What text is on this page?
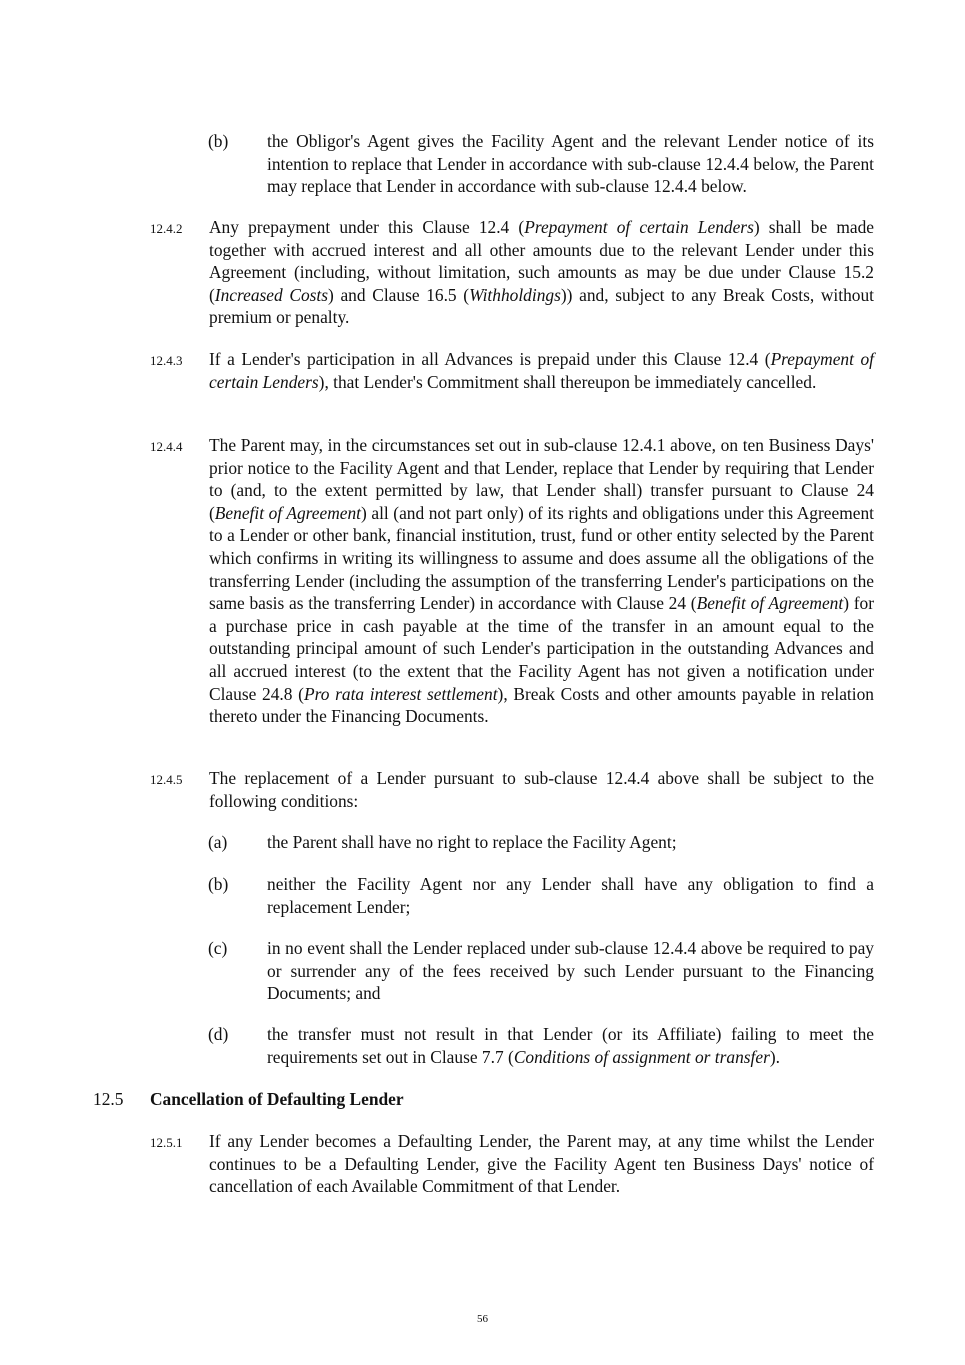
(b) the Obligor's Agent gives the Facility Agent and the relevant Lender notice of its intention to replace that Lender in accordance with sub-clause 12.4.4 below, the Parent may replace that Lender in accordance with sub-clause 12.4.4 below.
12.4.2 Any prepayment under this Clause 12.4 (Prepayment of certain Lenders) shall be made together with accrued interest and all other amounts due to the relevant Lender under this Agreement (including, without limitation, such amounts as may be due under Clause 15.2 (Increased Costs) and Clause 16.5 (Withholdings)) and, subject to any Break Costs, without premium or penalty.
12.4.3 If a Lender's participation in all Advances is prepaid under this Clause 12.4 (Prepayment of certain Lenders), that Lender's Commitment shall thereupon be immediately cancelled.
12.4.4 The Parent may, in the circumstances set out in sub-clause 12.4.1 above, on ten Business Days' prior notice to the Facility Agent and that Lender, replace that Lender by requiring that Lender to (and, to the extent permitted by law, that Lender shall) transfer pursuant to Clause 24 (Benefit of Agreement) all (and not part only) of its rights and obligations under this Agreement to a Lender or other bank, financial institution, trust, fund or other entity selected by the Parent which confirms in writing its willingness to assume and does assume all the obligations of the transferring Lender (including the assumption of the transferring Lender's participations on the same basis as the transferring Lender) in accordance with Clause 24 (Benefit of Agreement) for a purchase price in cash payable at the time of the transfer in an amount equal to the outstanding principal amount of such Lender's participation in the outstanding Advances and all accrued interest (to the extent that the Facility Agent has not given a notification under Clause 24.8 (Pro rata interest settlement), Break Costs and other amounts payable in relation thereto under the Financing Documents.
12.4.5 The replacement of a Lender pursuant to sub-clause 12.4.4 above shall be subject to the following conditions:
(a) the Parent shall have no right to replace the Facility Agent;
(b) neither the Facility Agent nor any Lender shall have any obligation to find a replacement Lender;
(c) in no event shall the Lender replaced under sub-clause 12.4.4 above be required to pay or surrender any of the fees received by such Lender pursuant to the Financing Documents; and
(d) the transfer must not result in that Lender (or its Affiliate) failing to meet the requirements set out in Clause 7.7 (Conditions of assignment or transfer).
12.5 Cancellation of Defaulting Lender
12.5.1 If any Lender becomes a Defaulting Lender, the Parent may, at any time whilst the Lender continues to be a Defaulting Lender, give the Facility Agent ten Business Days' notice of cancellation of each Available Commitment of that Lender.
56
